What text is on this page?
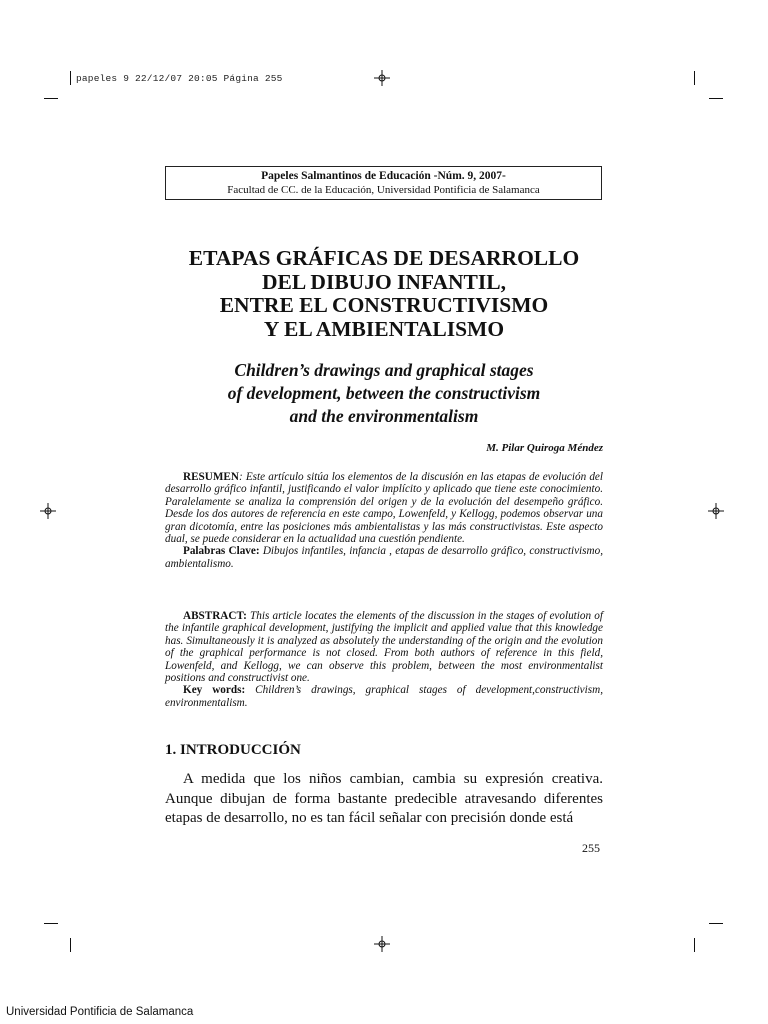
papeles 9 22/12/07 20:05 Página 255
Papeles Salmantinos de Educación -Núm. 9, 2007-
Facultad de CC. de la Educación, Universidad Pontificia de Salamanca
ETAPAS GRÁFICAS DE DESARROLLO
DEL DIBUJO INFANTIL,
ENTRE EL CONSTRUCTIVISMO
Y EL AMBIENTALISMO
Children’s drawings and graphical stages
of development, between the constructivism
and the environmentalism
M. Pilar Quiroga Méndez
RESUMEN: Este artículo sitúa los elementos de la discusión en las etapas de evolución del desarrollo gráfico infantil, justificando el valor implícito y aplicado que tiene este conocimiento. Paralelamente se analiza la comprensión del origen y de la evolución del desempeño gráfico. Desde los dos autores de referencia en este campo, Lowenfeld, y Kellogg, podemos observar una gran dicotomía, entre las posiciones más ambientalistas y las más constructivistas. Este aspecto dual, se puede considerar en la actualidad una cuestión pendiente.
Palabras Clave: Dibujos infantiles, infancia , etapas de desarrollo gráfico, constructivismo, ambientalismo.
ABSTRACT: This article locates the elements of the discussion in the stages of evolution of the infantile graphical development, justifying the implicit and applied value that this knowledge has. Simultaneously it is analyzed as absolutely the understanding of the origin and the evolution of the graphical performance is not closed. From both authors of reference in this field, Lowenfeld, and Kellogg, we can observe this problem, between the most environmentalist positions and constructivist one.
Key words: Children’s drawings, graphical stages of development,constructivism, environmentalism.
1. INTRODUCCIÓN
A medida que los niños cambian, cambia su expresión creativa. Aunque dibujan de forma bastante predecible atravesando diferentes etapas de desarrollo, no es tan fácil señalar con precisión donde está
255
Universidad Pontificia de Salamanca
